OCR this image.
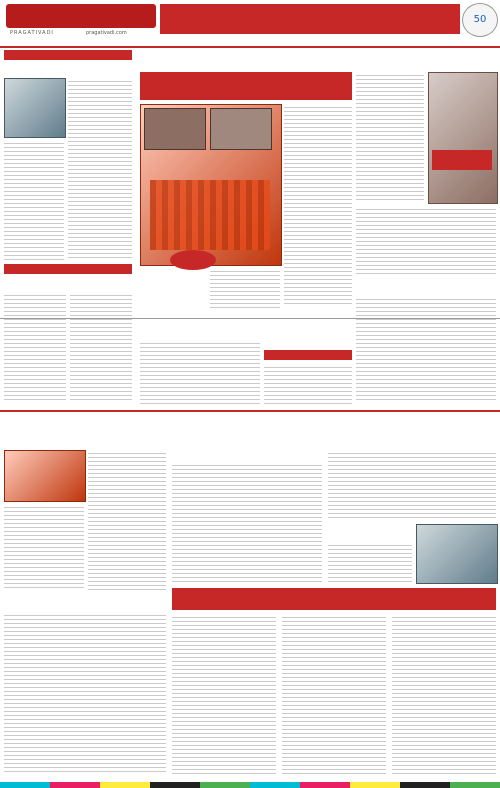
PRAGATIVADI	pragativadi.com
50
